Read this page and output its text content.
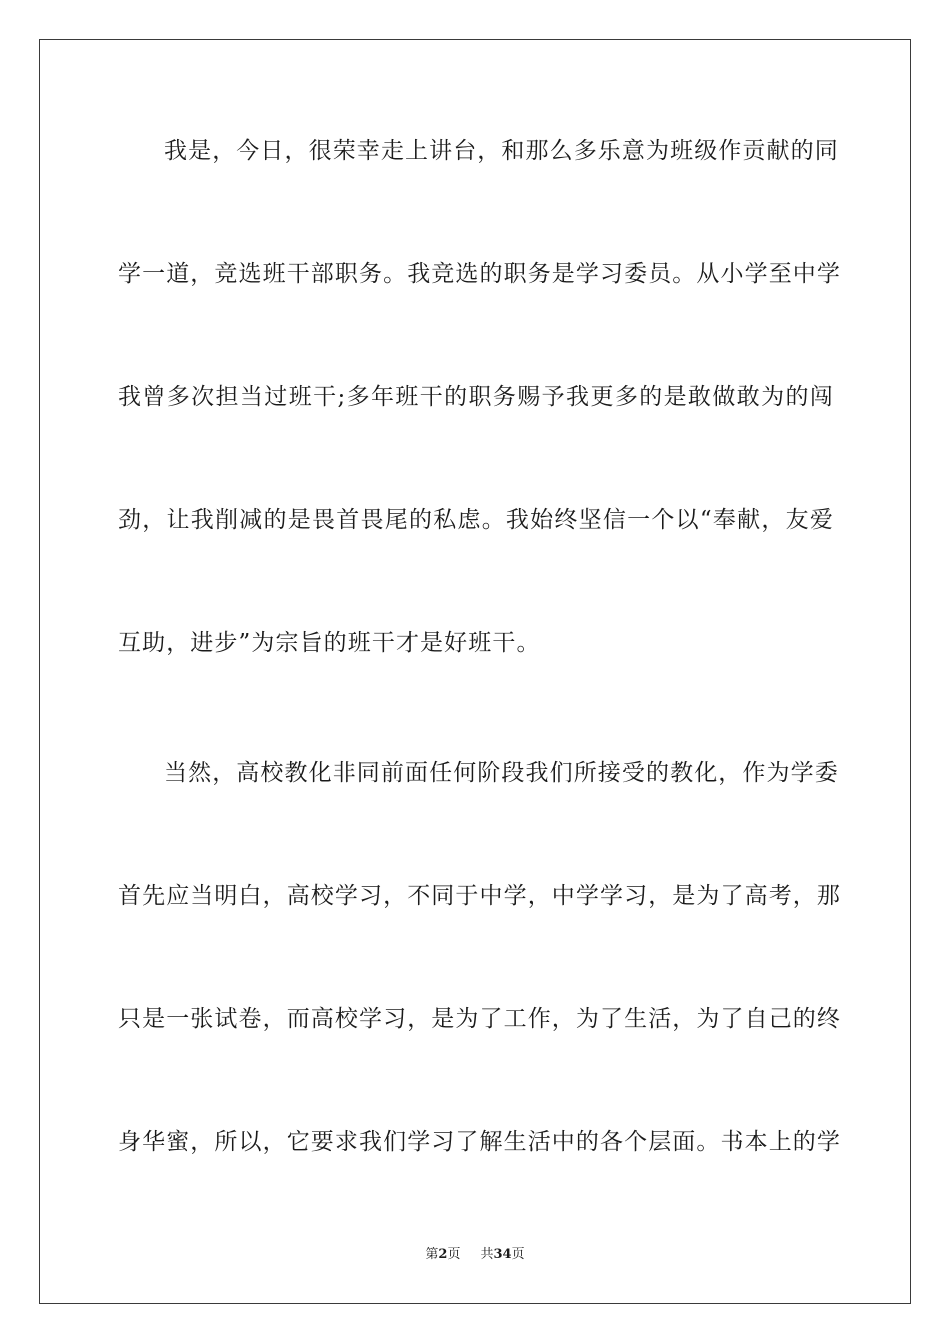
我是，今日，很荣幸走上讲台，和那么多乐意为班级作贡献的同
学一道，竞选班干部职务。我竞选的职务是学习委员。从小学至中学
我曾多次担当过班干;多年班干的职务赐予我更多的是敢做敢为的闯
劲，让我削减的是畏首畏尾的私虑。我始终坚信一个以“奉献，友爱
互助，进步”为宗旨的班干才是好班干。
当然，高校教化非同前面任何阶段我们所接受的教化，作为学委
首先应当明白，高校学习，不同于中学，中学学习，是为了高考，那
只是一张试卷，而高校学习，是为了工作，为了生活，为了自己的终
身华蜜，所以，它要求我们学习了解生活中的各个层面。书本上的学
第2页 共34页
